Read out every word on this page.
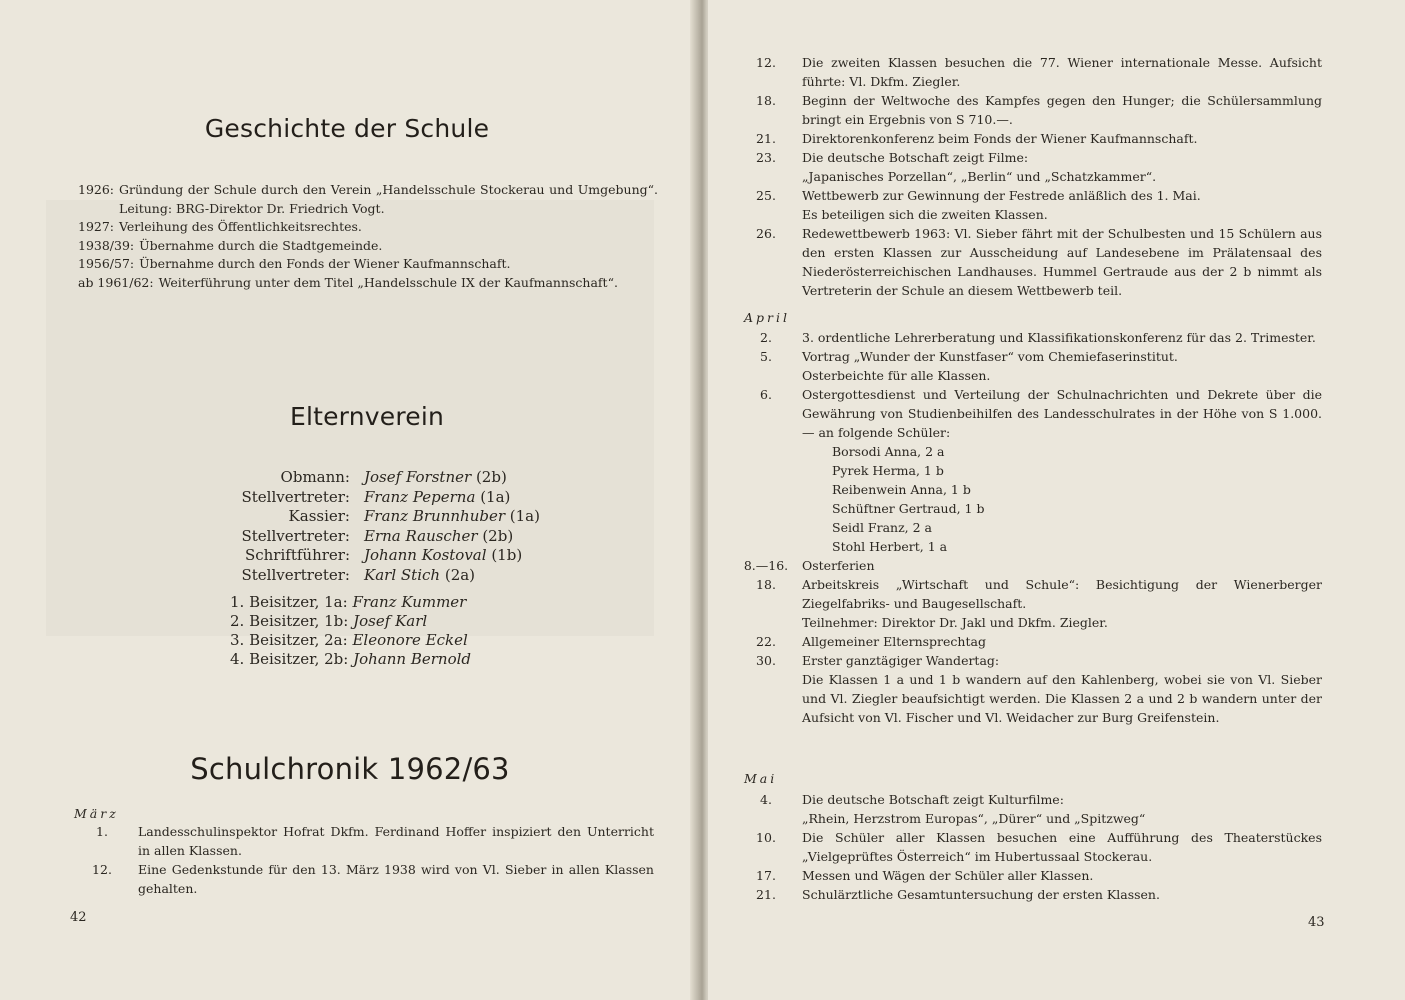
Geschichte der Schule
1926: Gründung der Schule durch den Verein „Handelsschule Stockerau und Umgebung“. Leitung: BRG-Direktor Dr. Friedrich Vogt.
1927: Verleihung des Öffentlichkeitsrechtes.
1938/39: Übernahme durch die Stadtgemeinde.
1956/57: Übernahme durch den Fonds der Wiener Kaufmannschaft.
ab 1961/62: Weiterführung unter dem Titel „Handelsschule IX der Kaufmannschaft“.
Elternverein
Obmann: Josef Forstner (2b)
Stellvertreter: Franz Peperna (1a)
Kassier: Franz Brunnhuber (1a)
Stellvertreter: Erna Rauscher (2b)
Schriftführer: Johann Kostoval (1b)
Stellvertreter: Karl Stich (2a)
1. Beisitzer, 1a: Franz Kummer
2. Beisitzer, 1b: Josef Karl
3. Beisitzer, 2a: Eleonore Eckel
4. Beisitzer, 2b: Johann Bernold
Schulchronik 1962/63
März
1.	Landesschulinspektor Hofrat Dkfm. Ferdinand Hoffer inspiziert den Unterricht in allen Klassen.
12.	Eine Gedenkstunde für den 13. März 1938 wird von Vl. Sieber in allen Klassen gehalten.
42
12.	Die zweiten Klassen besuchen die 77. Wiener internationale Messe. Aufsicht führte: Vl. Dkfm. Ziegler.
18.	Beginn der Weltwoche des Kampfes gegen den Hunger; die Schülersammlung bringt ein Ergebnis von S 710.—.
21.	Direktorenkonferenz beim Fonds der Wiener Kaufmannschaft.
23.	Die deutsche Botschaft zeigt Filme:
„Japanisches Porzellan“, „Berlin“ und „Schatzkammer“.
25.	Wettbewerb zur Gewinnung der Festrede anläßlich des 1. Mai.
Es beteiligen sich die zweiten Klassen.
26.	Redewettbewerb 1963: Vl. Sieber fährt mit der Schulbesten und 15 Schülern aus den ersten Klassen zur Ausscheidung auf Landesebene im Prälatensaal des Niederösterreichischen Landhauses. Hummel Gertraude aus der 2 b nimmt als Vertreterin der Schule an diesem Wettbewerb teil.
April
2.	3. ordentliche Lehrerberatung und Klassifikationskonferenz für das 2. Trimester.
5.	Vortrag „Wunder der Kunstfaser“ vom Chemiefaserinstitut.
Osterbeichte für alle Klassen.
6.	Ostergottesdienst und Verteilung der Schulnachrichten und Dekrete über die Gewährung von Studienbeihilfen des Landesschulrates in der Höhe von S 1.000.— an folgende Schüler:
Borsodi Anna, 2 a
Pyrek Herma, 1 b
Reibenwein Anna, 1 b
Schüftner Gertraud, 1 b
Seidl Franz, 2 a
Stohl Herbert, 1 a
8.—16.	Osterferien
18.	Arbeitskreis „Wirtschaft und Schule“: Besichtigung der Wienerberger Ziegelfabriks- und Baugesellschaft.
Teilnehmer: Direktor Dr. Jakl und Dkfm. Ziegler.
22.	Allgemeiner Elternsprechtag
30.	Erster ganztägiger Wandertag:
Die Klassen 1 a und 1 b wandern auf den Kahlenberg, wobei sie von Vl. Sieber und Vl. Ziegler beaufsichtigt werden. Die Klassen 2 a und 2 b wandern unter der Aufsicht von Vl. Fischer und Vl. Weidacher zur Burg Greifenstein.
Mai
4.	Die deutsche Botschaft zeigt Kulturfilme:
„Rhein, Herzstrom Europas“, „Dürer“ und „Spitzweg“
10.	Die Schüler aller Klassen besuchen eine Aufführung des Theaterstückes „Vielgeprüftes Österreich“ im Hubertussaal Stockerau.
17.	Messen und Wägen der Schüler aller Klassen.
21.	Schulärztliche Gesamtuntersuchung der ersten Klassen.
43
